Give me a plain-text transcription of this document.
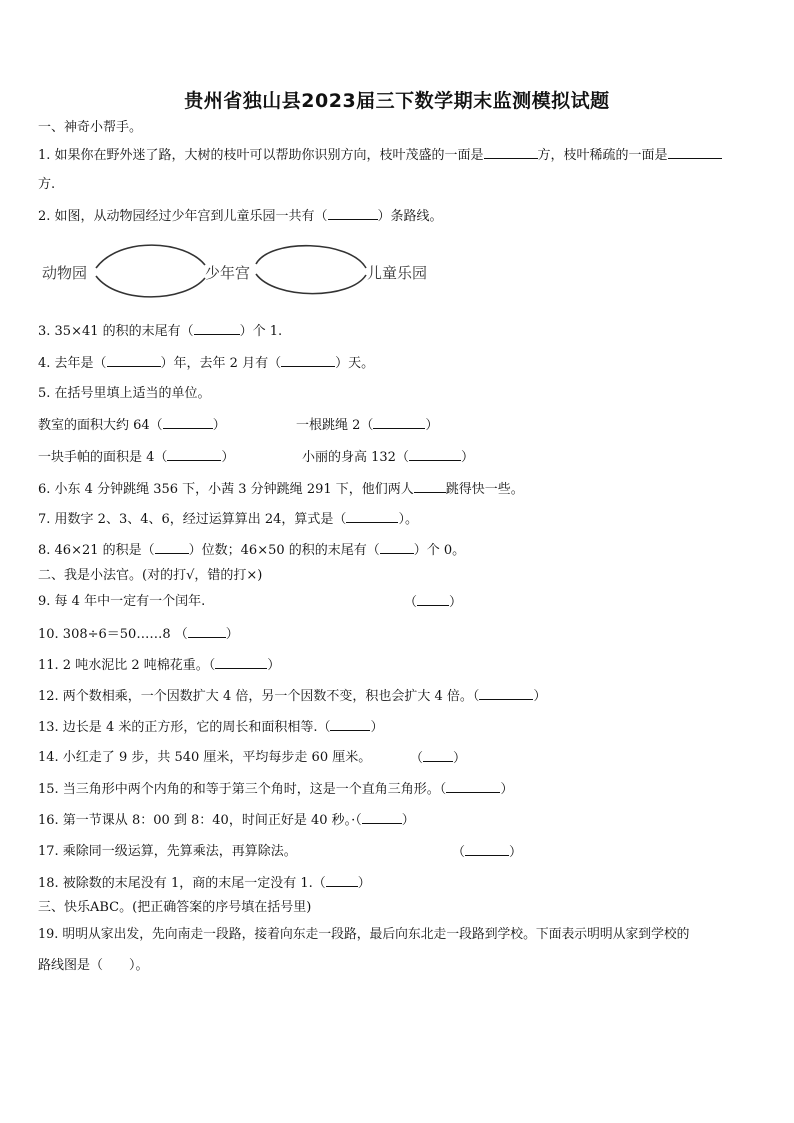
贵州省独山县2023届三下数学期末监测模拟试题
一、神奇小帮手。
1. 如果你在野外迷了路，大树的枝叶可以帮助你识别方向，枝叶茂盛的一面是	方，枝叶稀疏的一面是
方.
2. 如图，从动物园经过少年宫到儿童乐园一共有（	）条路线。
动物园	少年宫	儿童乐园
3. 35×41 的积的末尾有（	）个 1.
4. 去年是（	）年，去年 2 月有（	）天。
5. 在括号里填上适当的单位。
教室的面积大约 64（	）	一根跳绳 2（	）
一块手帕的面积是 4（	）	小丽的身高 132（	）
6. 小东 4 分钟跳绳 356 下，小茜 3 分钟跳绳 291 下，他们两人 跳得快一些。
7. 用数字 2、3、4、6，经过运算算出 24，算式是（	）。
8. 46×21 的积是（	）位数；46×50 的积的末尾有（	）个 0。
二、我是小法官。(对的打√，错的打×)
9. 每 4 年中一定有一个闰年.	（ ）
10. 308÷6＝50……8 （	）
11. 2 吨水泥比 2 吨棉花重。（	）
12. 两个数相乘，一个因数扩大 4 倍，另一个因数不变，积也会扩大 4 倍。（	）
13. 边长是 4 米的正方形，它的周长和面积相等.（	）
14. 小红走了 9 步，共 540 厘米，平均每步走 60 厘米。	（ ）
15. 当三角形中两个内角的和等于第三个角时，这是一个直角三角形。（	）
16. 第一节课从 8：00 到 8：40，时间正好是 40 秒。·（	）
17. 乘除同一级运算，先算乘法，再算除法。	（	）
18. 被除数的末尾没有 1，商的末尾一定没有 1.（ ）
三、快乐ABC。(把正确答案的序号填在括号里)
19. 明明从家出发，先向南走一段路，接着向东走一段路，最后向东北走一段路到学校。下面表示明明从家到学校的
路线图是（　　）。
